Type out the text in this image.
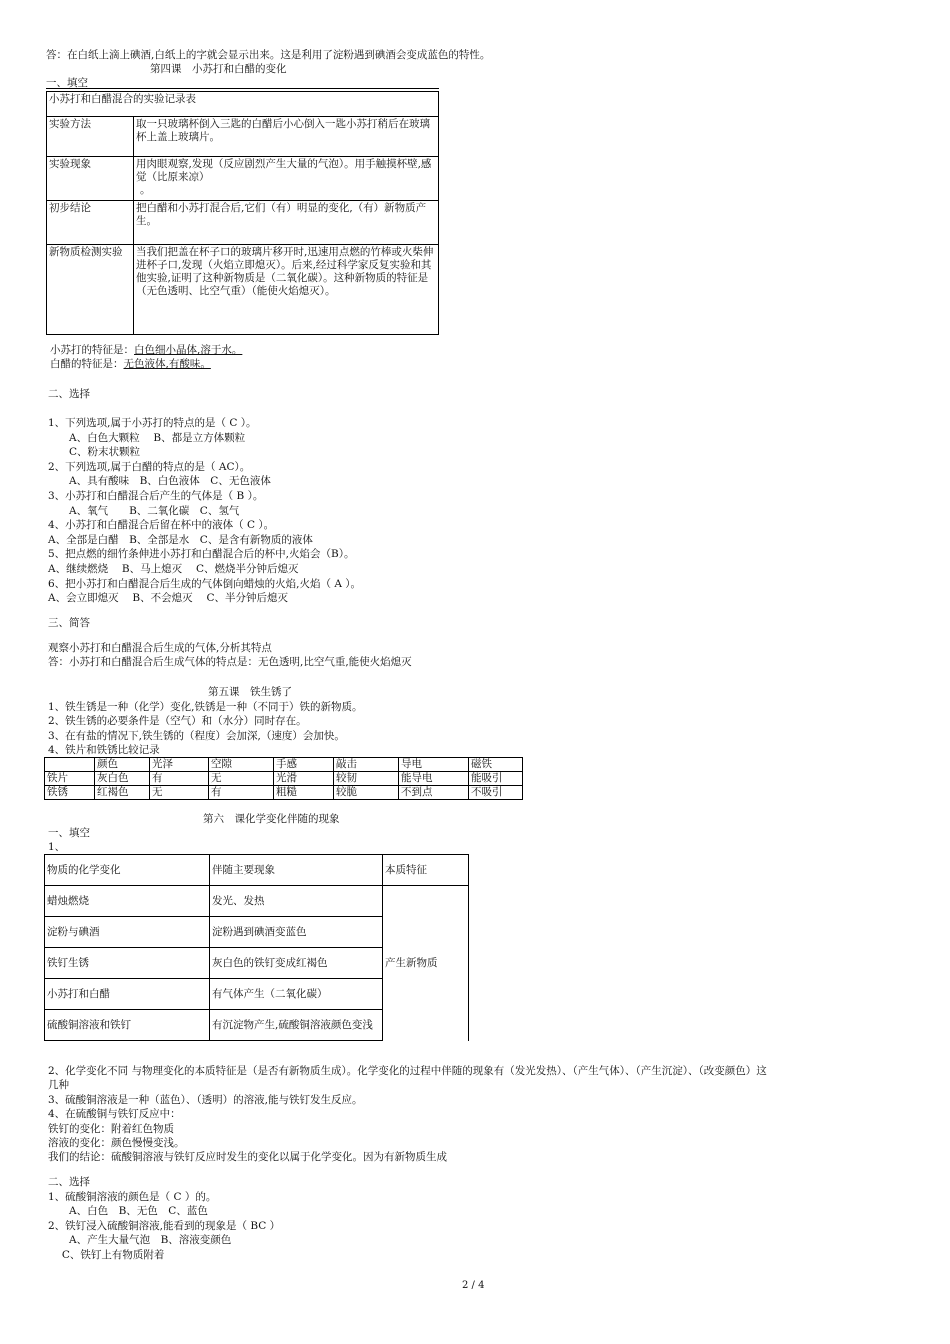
答：在白纸上滴上碘酒,白纸上的字就会显示出来。这是利用了淀粉遇到碘酒会变成蓝色的特性。
第四课　小苏打和白醋的变化
一、填空
小苏打和白醋混合的实验记录表	
实验方法	取一只玻璃杯倒入三匙的白醋后小心倒入一匙小苏打稍后在玻璃杯上盖上玻璃片。
实验现象	用肉眼观察,发现（反应剧烈产生大量的气泡）。用手触摸杯壁,感觉（比原来凉）
。

初步结论	把白醋和小苏打混合后,它们（有）明显的变化,（有）新物质产生。
新物质检测实验	当我们把盖在杯子口的玻璃片移开时,迅速用点燃的竹棒或火柴伸进杯子口,发现（火焰立即熄灭）。后来,经过科学家反复实验和其他实验,证明了这种新物质是（二氧化碳）。这种新物质的特征是（无色透明、比空气重）（能使火焰熄灭）。
小苏打的特征是：白色细小晶体,溶于水。
白醋的特征是：无色液体,有酸味。
二、选择
1、下列选项,属于小苏打的特点的是（ C ）。
　　A、白色大颗粒　 B、都是立方体颗粒
　　C、粉末状颗粒
2、下列选项,属于白醋的特点的是（ AC）。
　　A、具有酸味　B、白色液体　C、无色液体
3、小苏打和白醋混合后产生的气体是（ B ）。
　　A、氧气　　B、二氧化碳　C、氢气
4、小苏打和白醋混合后留在杯中的液体（ C ）。
A、全部是白醋　B、全部是水　C、是含有新物质的液体
5、把点燃的细竹条伸进小苏打和白醋混合后的杯中,火焰会（B）。
A、继续燃烧　 B、马上熄灭　 C、燃烧半分钟后熄灭
6、把小苏打和白醋混合后生成的气体倒向蜡烛的火焰,火焰（ A ）。
A、会立即熄灭　 B、不会熄灭　 C、半分钟后熄灭
三、简答
观察小苏打和白醋混合后生成的气体,分析其特点
答：小苏打和白醋混合后生成气体的特点是：无色透明,比空气重,能使火焰熄灭
第五课　铁生锈了
1、铁生锈是一种（化学）变化,铁锈是一种（不同于）铁的新物质。
2、铁生锈的必要条件是（空气）和（水分）同时存在。
3、在有盐的情况下,铁生锈的（程度）会加深,（速度）会加快。
4、铁片和铁锈比较记录
	颜色	光泽	空隙	手感	敲击	导电	磁铁
铁片	灰白色	有	无	光滑	较韧	能导电	能吸引
铁锈	红褐色	无	有	粗糙	较脆	不到点	不吸引
第六　课化学变化伴随的现象
一、填空
1、
物质的化学变化	伴随主要现象	本质特征
蜡烛燃烧	发光、发热	产生新物质
淀粉与碘酒	淀粉遇到碘酒变蓝色	
铁钉生锈	灰白色的铁钉变成红褐色	
小苏打和白醋	有气体产生（二氧化碳）	
硫酸铜溶液和铁钉	有沉淀物产生,硫酸铜溶液颜色变浅	
2、化学变化不同 与物理变化的本质特征是（是否有新物质生成）。化学变化的过程中伴随的现象有（发光发热）、（产生气体）、（产生沉淀）、（改变颜色）这
几种
3、硫酸铜溶液是一种（蓝色）、（透明）的溶液,能与铁钉发生反应。
4、在硫酸铜与铁钉反应中：
铁钉的变化：附着红色物质
溶液的变化：颜色慢慢变浅。
我们的结论：硫酸铜溶液与铁钉反应时发生的变化以属于化学变化。因为有新物质生成
二、选择
1、硫酸铜溶液的颜色是（ C ）的。
　　A、白色　B、无色　C、蓝色
2、铁钉浸入硫酸铜溶液,能看到的现象是（ BC ）
　　A、产生大量气泡　B、溶液变颜色
　 C、铁钉上有物质附着
2 / 4
